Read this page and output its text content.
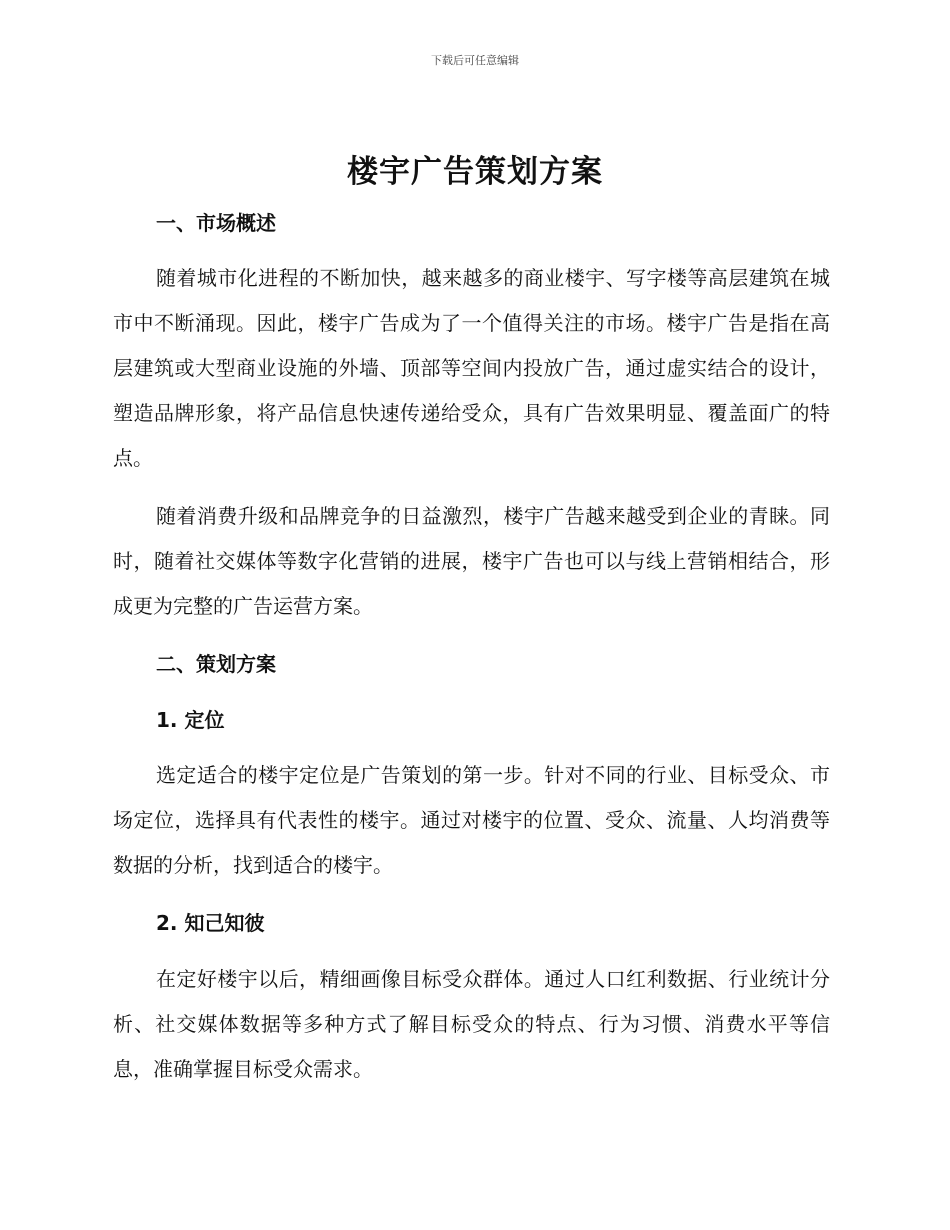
下载后可任意编辑
楼宇广告策划方案
一、市场概述

随着城市化进程的不断加快，越来越多的商业楼宇、写字楼等高层建筑在城市中不断涌现。因此，楼宇广告成为了一个值得关注的市场。楼宇广告是指在高层建筑或大型商业设施的外墙、顶部等空间内投放广告，通过虚实结合的设计，塑造品牌形象，将产品信息快速传递给受众，具有广告效果明显、覆盖面广的特点。

随着消费升级和品牌竞争的日益激烈，楼宇广告越来越受到企业的青睐。同时，随着社交媒体等数字化营销的进展，楼宇广告也可以与线上营销相结合，形成更为完整的广告运营方案。

二、策划方案
1. 定位

选定适合的楼宇定位是广告策划的第一步。针对不同的行业、目标受众、市场定位，选择具有代表性的楼宇。通过对楼宇的位置、受众、流量、人均消费等数据的分析，找到适合的楼宇。

2. 知己知彼

在定好楼宇以后，精细画像目标受众群体。通过人口红利数据、行业统计分析、社交媒体数据等多种方式了解目标受众的特点、行为习惯、消费水平等信息，准确掌握目标受众需求。
